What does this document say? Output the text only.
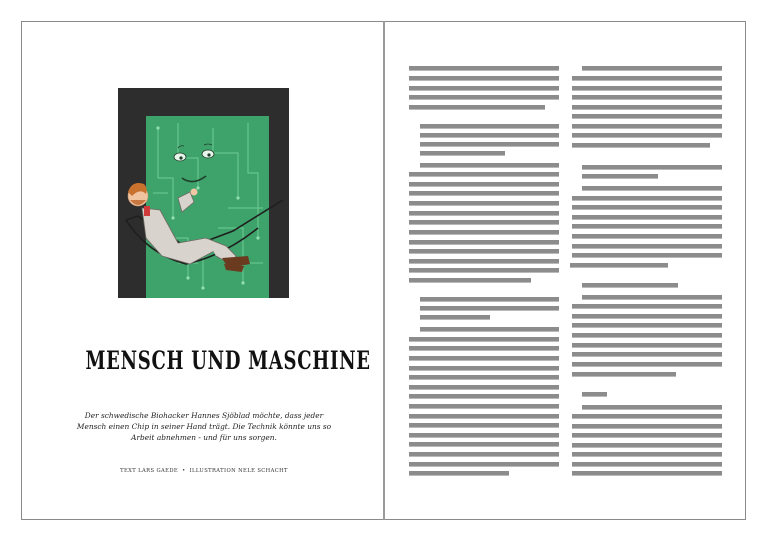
MENSCH UND MASCHINE
Der schwedische Biohacker Hannes Sjöblad möchte, dass jeder Mensch einen Chip in seiner Hand trägt. Die Technik könnte uns so Arbeit abnehmen - und für uns sorgen.
TEXT LARS GAEDE • ILLUSTRATION NELE SCHACHT
